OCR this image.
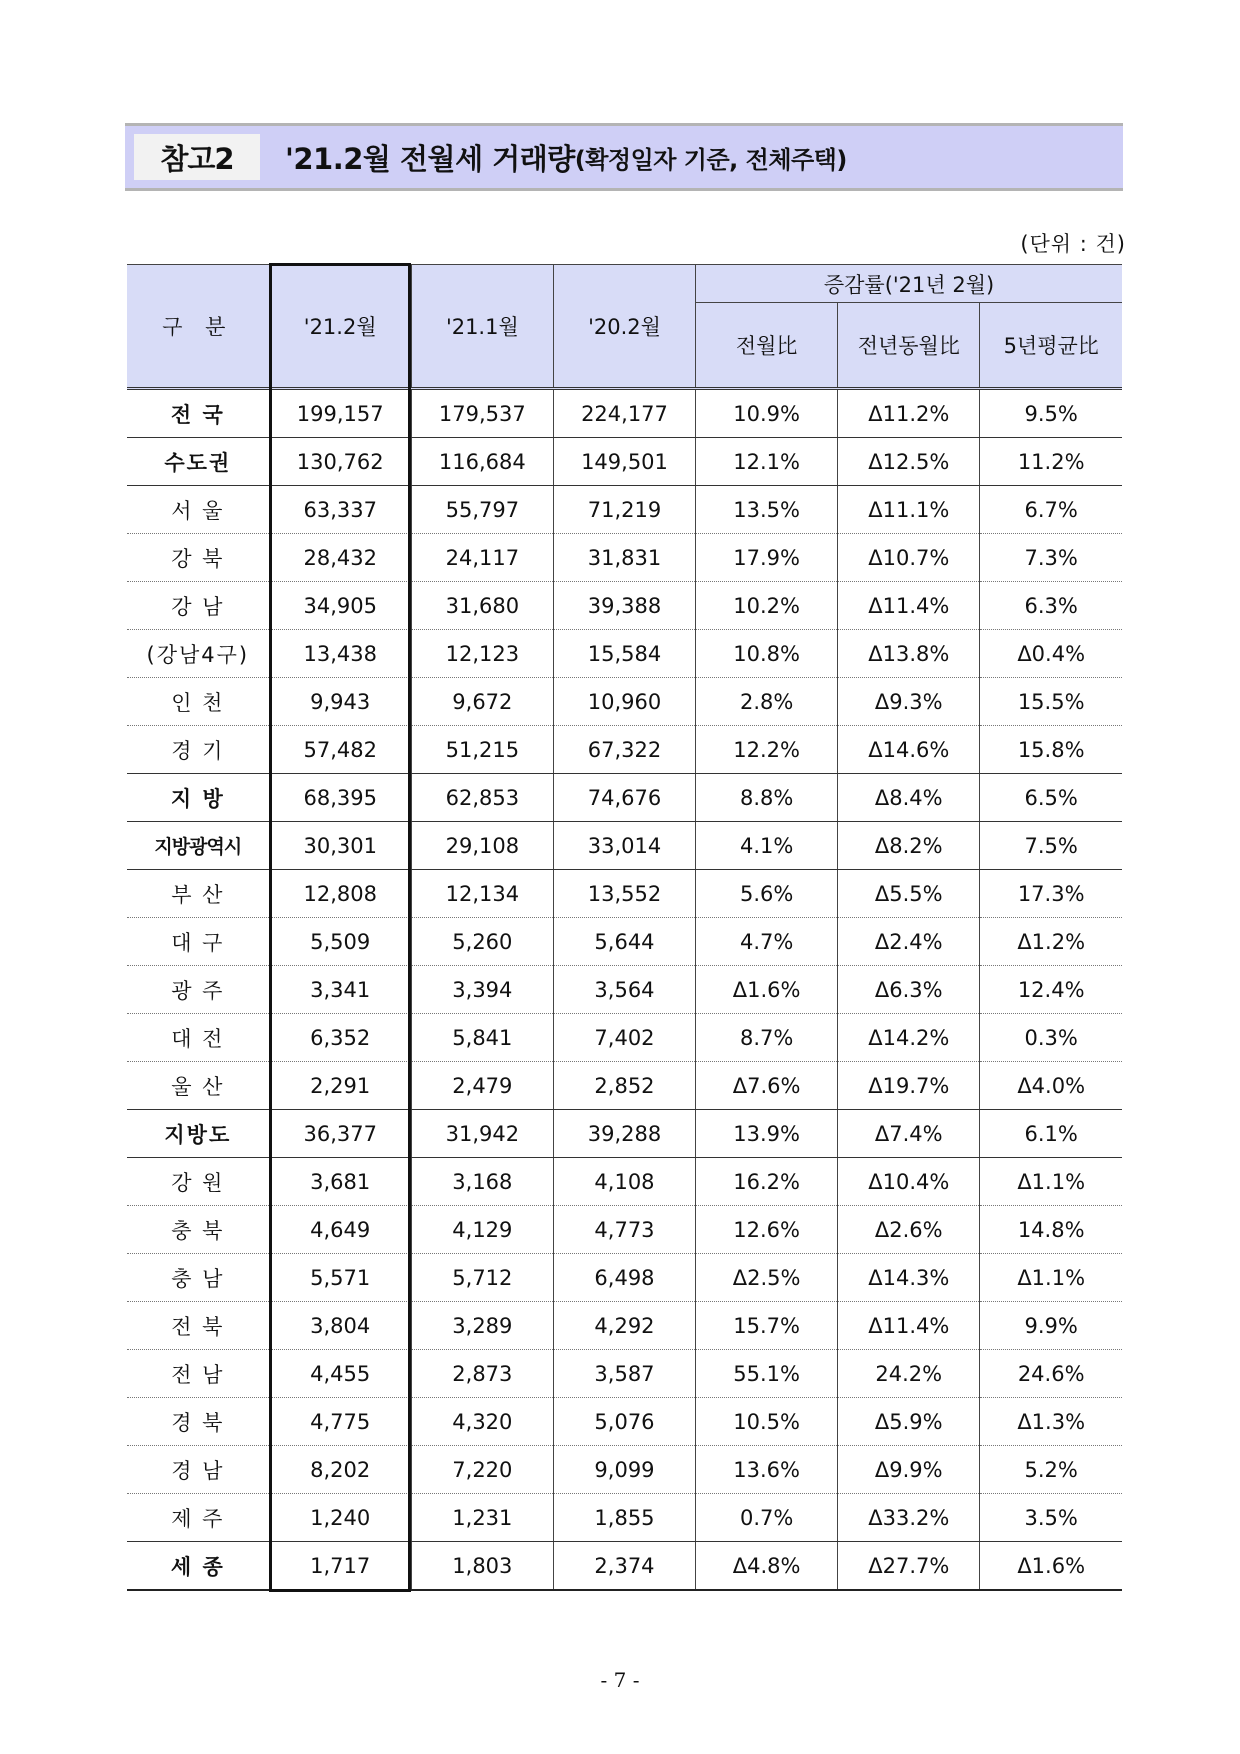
참고2	'21.2월 전월세 거래량 (확정일자 기준, 전체주택)
(단위 : 건)
구 분	'21.2월	'21.1월	'20.2월	증감률('21년 2월)		
				전월比	전년동월比	5년평균比
전 국	199,157	179,537	224,177	10.9%	Δ11.2%	9.5%
수도권	130,762	116,684	149,501	12.1%	Δ12.5%	11.2%
서 울	63,337	55,797	71,219	13.5%	Δ11.1%	6.7%
강 북	28,432	24,117	31,831	17.9%	Δ10.7%	7.3%
강 남	34,905	31,680	39,388	10.2%	Δ11.4%	6.3%
(강남4구)	13,438	12,123	15,584	10.8%	Δ13.8%	Δ0.4%
인 천	9,943	9,672	10,960	2.8%	Δ9.3%	15.5%
경 기	57,482	51,215	67,322	12.2%	Δ14.6%	15.8%
지 방	68,395	62,853	74,676	8.8%	Δ8.4%	6.5%
지방광역시	30,301	29,108	33,014	4.1%	Δ8.2%	7.5%
부 산	12,808	12,134	13,552	5.6%	Δ5.5%	17.3%
대 구	5,509	5,260	5,644	4.7%	Δ2.4%	Δ1.2%
광 주	3,341	3,394	3,564	Δ1.6%	Δ6.3%	12.4%
대 전	6,352	5,841	7,402	8.7%	Δ14.2%	0.3%
울 산	2,291	2,479	2,852	Δ7.6%	Δ19.7%	Δ4.0%
지방도	36,377	31,942	39,288	13.9%	Δ7.4%	6.1%
강 원	3,681	3,168	4,108	16.2%	Δ10.4%	Δ1.1%
충 북	4,649	4,129	4,773	12.6%	Δ2.6%	14.8%
충 남	5,571	5,712	6,498	Δ2.5%	Δ14.3%	Δ1.1%
전 북	3,804	3,289	4,292	15.7%	Δ11.4%	9.9%
전 남	4,455	2,873	3,587	55.1%	24.2%	24.6%
경 북	4,775	4,320	5,076	10.5%	Δ5.9%	Δ1.3%
경 남	8,202	7,220	9,099	13.6%	Δ9.9%	5.2%
제 주	1,240	1,231	1,855	0.7%	Δ33.2%	3.5%
세 종	1,717	1,803	2,374	Δ4.8%	Δ27.7%	Δ1.6%
- 7 -
